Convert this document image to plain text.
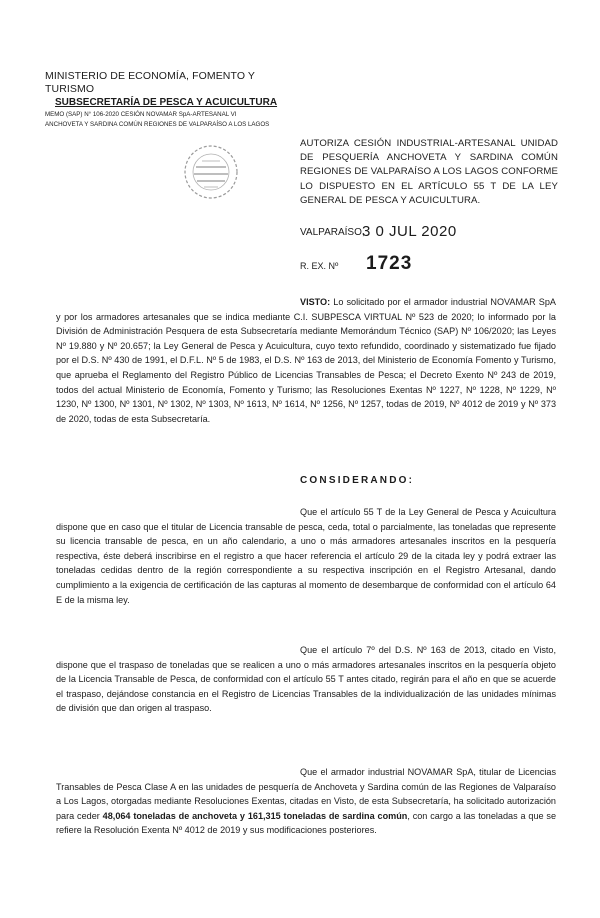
MINISTERIO DE ECONOMÍA, FOMENTO Y TURISMO
SUBSECRETARÍA DE PESCA Y ACUICULTURA
MEMO (SAP) N° 106-2020 CESIÓN NOVAMAR SpA-ARTESANAL VI
ANCHOVETA Y SARDINA COMÚN REGIONES DE VALPARAÍSO A LOS LAGOS
AUTORIZA CESIÓN INDUSTRIAL-ARTESANAL UNIDAD DE PESQUERÍA ANCHOVETA Y SARDINA COMÚN REGIONES DE VALPARAÍSO A LOS LAGOS CONFORME LO DISPUESTO EN EL ARTÍCULO 55 T DE LA LEY GENERAL DE PESCA Y ACUICULTURA.
VALPARAÍSO,
3 0 JUL 2020
R. EX. Nº 1723

VISTO: Lo solicitado por el armador industrial NOVAMAR SpA y por los armadores artesanales que se indica mediante C.I. SUBPESCA VIRTUAL Nº 523 de 2020; lo informado por la División de Administración Pesquera de esta Subsecretaría mediante Memorándum Técnico (SAP) Nº 106/2020; las Leyes Nº 19.880 y Nº 20.657; la Ley General de Pesca y Acuicultura, cuyo texto refundido, coordinado y sistematizado fue fijado por el D.S. Nº 430 de 1991, el D.F.L. Nº 5 de 1983, el D.S. Nº 163 de 2013, del Ministerio de Economía Fomento y Turismo, que aprueba el Reglamento del Registro Público de Licencias Transables de Pesca; el Decreto Exento Nº 243 de 2019, todos del actual Ministerio de Economía, Fomento y Turismo; las Resoluciones Exentas Nº 1227, Nº 1228, Nº 1229, Nº 1230, Nº 1300, Nº 1301, Nº 1302, Nº 1303, Nº 1613, Nº 1614, Nº 1256, Nº 1257, todas de 2019, Nº 4012 de 2019 y Nº 373 de 2020, todas de esta Subsecretaría.

CONSIDERANDO:

Que el artículo 55 T de la Ley General de Pesca y Acuicultura dispone que en caso que el titular de Licencia transable de pesca, ceda, total o parcialmente, las toneladas que represente su licencia transable de pesca, en un año calendario, a uno o más armadores artesanales inscritos en la pesquería respectiva, éste deberá inscribirse en el registro a que hacer referencia el artículo 29 de la citada ley y podrá extraer las toneladas cedidas dentro de la región correspondiente a su respectiva inscripción en el Registro Artesanal, dando cumplimiento a la exigencia de certificación de las capturas al momento de desembarque de conformidad con el artículo 64 E de la misma ley.

Que el artículo 7º del D.S. Nº 163 de 2013, citado en Visto, dispone que el traspaso de toneladas que se realicen a uno o más armadores artesanales inscritos en la pesquería objeto de la Licencia Transable de Pesca, de conformidad con el artículo 55 T antes citado, regirán para el año en que se acuerde el traspaso, dejándose constancia en el Registro de Licencias Transables de la individualización de las unidades mínimas de división que dan origen al traspaso.

Que el armador industrial NOVAMAR SpA, titular de Licencias Transables de Pesca Clase A en las unidades de pesquería de Anchoveta y Sardina común de las Regiones de Valparaíso a Los Lagos, otorgadas mediante Resoluciones Exentas, citadas en Visto, de esta Subsecretaría, ha solicitado autorización para ceder 48,064 toneladas de anchoveta y 161,315 toneladas de sardina común, con cargo a las toneladas a que se refiere la Resolución Exenta Nº 4012 de 2019 y sus modificaciones posteriores.
